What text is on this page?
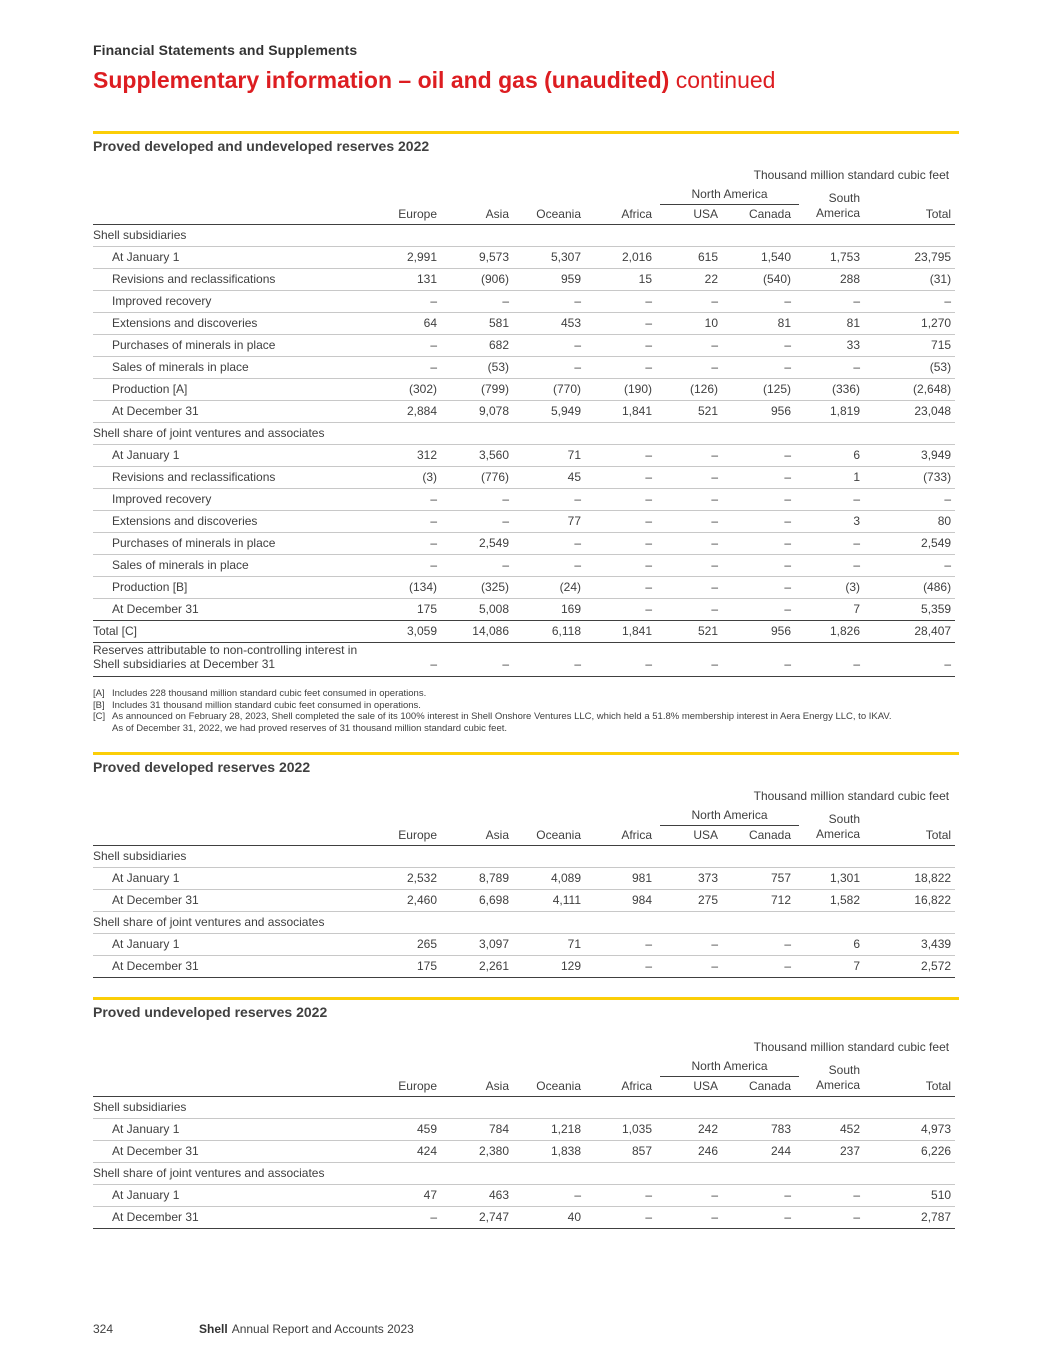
Financial Statements and Supplements
Supplementary information – oil and gas (unaudited) continued
Proved developed and undeveloped reserves 2022
Thousand million standard cubic feet								
					North America		South
America	
	Europe	Asia	Oceania	Africa	USA	Canada		Total
Shell subsidiaries								
At January 1	2,991	9,573	5,307	2,016	615	1,540	1,753	23,795
Revisions and reclassifications	131	(906)	959	15	22	(540)	288	(31)
Improved recovery	–	–	–	–	–	–	–	–
Extensions and discoveries	64	581	453	–	10	81	81	1,270
Purchases of minerals in place	–	682	–	–	–	–	33	715
Sales of minerals in place	–	(53)	–	–	–	–	–	(53)
Production [A]	(302)	(799)	(770)	(190)	(126)	(125)	(336)	(2,648)
At December 31	2,884	9,078	5,949	1,841	521	956	1,819	23,048
Shell share of joint ventures and associates								
At January 1	312	3,560	71	–	–	–	6	3,949
Revisions and reclassifications	(3)	(776)	45	–	–	–	1	(733)
Improved recovery	–	–	–	–	–	–	–	–
Extensions and discoveries	–	–	77	–	–	–	3	80
Purchases of minerals in place	–	2,549	–	–	–	–	–	2,549
Sales of minerals in place	–	–	–	–	–	–	–	–
Production [B]	(134)	(325)	(24)	–	–	–	(3)	(486)
At December 31	175	5,008	169	–	–	–	7	5,359
Total [C]	3,059	14,086	6,118	1,841	521	956	1,826	28,407
Reserves attributable to non-controlling interest in
Shell subsidiaries at December 31	–	–	–	–	–	–	–	–
[A] Includes 228 thousand million standard cubic feet consumed in operations.
[B] Includes 31 thousand million standard cubic feet consumed in operations.
[C] As announced on February 28, 2023, Shell completed the sale of its 100% interest in Shell Onshore Ventures LLC, which held a 51.8% membership interest in Aera Energy LLC, to IKAV.
As of December 31, 2022, we had proved reserves of 31 thousand million standard cubic feet.
Proved developed reserves 2022
Thousand million standard cubic feet								
					North America		South
America	
	Europe	Asia	Oceania	Africa	USA	Canada		Total
Shell subsidiaries								
At January 1	2,532	8,789	4,089	981	373	757	1,301	18,822
At December 31	2,460	6,698	4,111	984	275	712	1,582	16,822
Shell share of joint ventures and associates								
At January 1	265	3,097	71	–	–	–	6	3,439
At December 31	175	2,261	129	–	–	–	7	2,572
Proved undeveloped reserves 2022
Thousand million standard cubic feet								
					North America		South
America	
	Europe	Asia	Oceania	Africa	USA	Canada		Total
Shell subsidiaries								
At January 1	459	784	1,218	1,035	242	783	452	4,973
At December 31	424	2,380	1,838	857	246	244	237	6,226
Shell share of joint ventures and associates								
At January 1	47	463	–	–	–	–	–	510
At December 31	–	2,747	40	–	–	–	–	2,787
324	Shell Annual Report and Accounts 2023
